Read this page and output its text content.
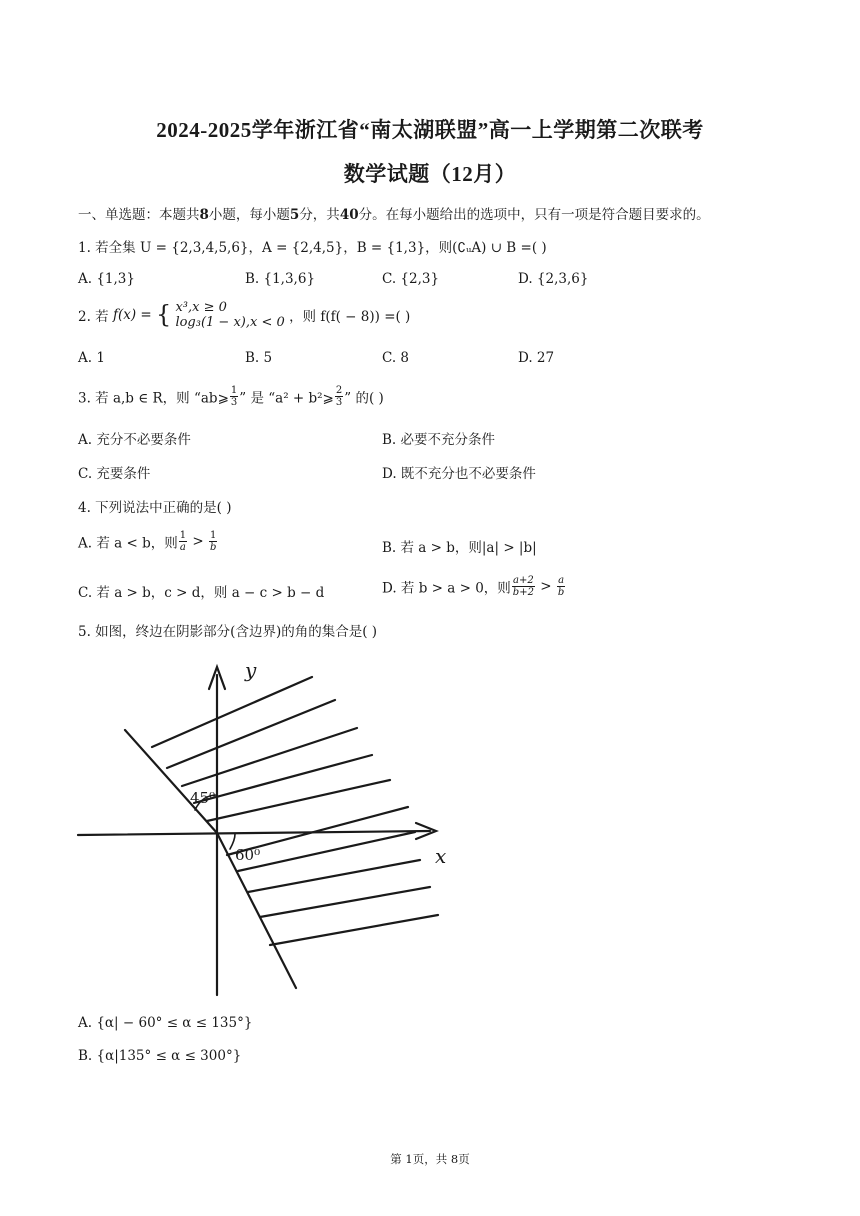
2024-2025学年浙江省“南太湖联盟”高一上学期第二次联考
数学试题（12月）
一、单选题：本题共8小题，每小题5分，共40分。在每小题给出的选项中，只有一项是符合题目要求的。
1. 若全集 U = {2,3,4,5,6}，A = {2,4,5}，B = {1,3}，则(∁ᵤA) ∪ B =( )
A. {1,3}	B. {1,3,6}	C. {2,3}	D. {2,3,6}
2. 若 f(x) = { x³,x ≥ 0
log₃(1 − x),x < 0 ，则 f(f( − 8)) =( )
A. 1	B. 5	C. 8	D. 27
3. 若 a,b ∈ R，则 “ab⩾ $\frac{1}{3}$ ” 是 “a² + b²⩾ $\frac{2}{3}$ ” 的( )
A. 充分不必要条件	B. 必要不充分条件
C. 充要条件	D. 既不充分也不必要条件
4. 下列说法中正确的是( )
A. 若 a < b，则 $\frac{1}{a} > \frac{1}{b}$	B. 若 a > b，则|a| > |b|
C. 若 a > b，c > d，则 a − c > b − d	D. 若 b > a > 0，则 $\frac{a+2}{b+2} > \frac{a}{b}$
5. 如图，终边在阴影部分(含边界)的角的集合是( )
y
x
45⁰
60⁰
A. {α| − 60° ≤ α ≤ 135°}
B. {α|135° ≤ α ≤ 300°}
第 1页，共 8页
